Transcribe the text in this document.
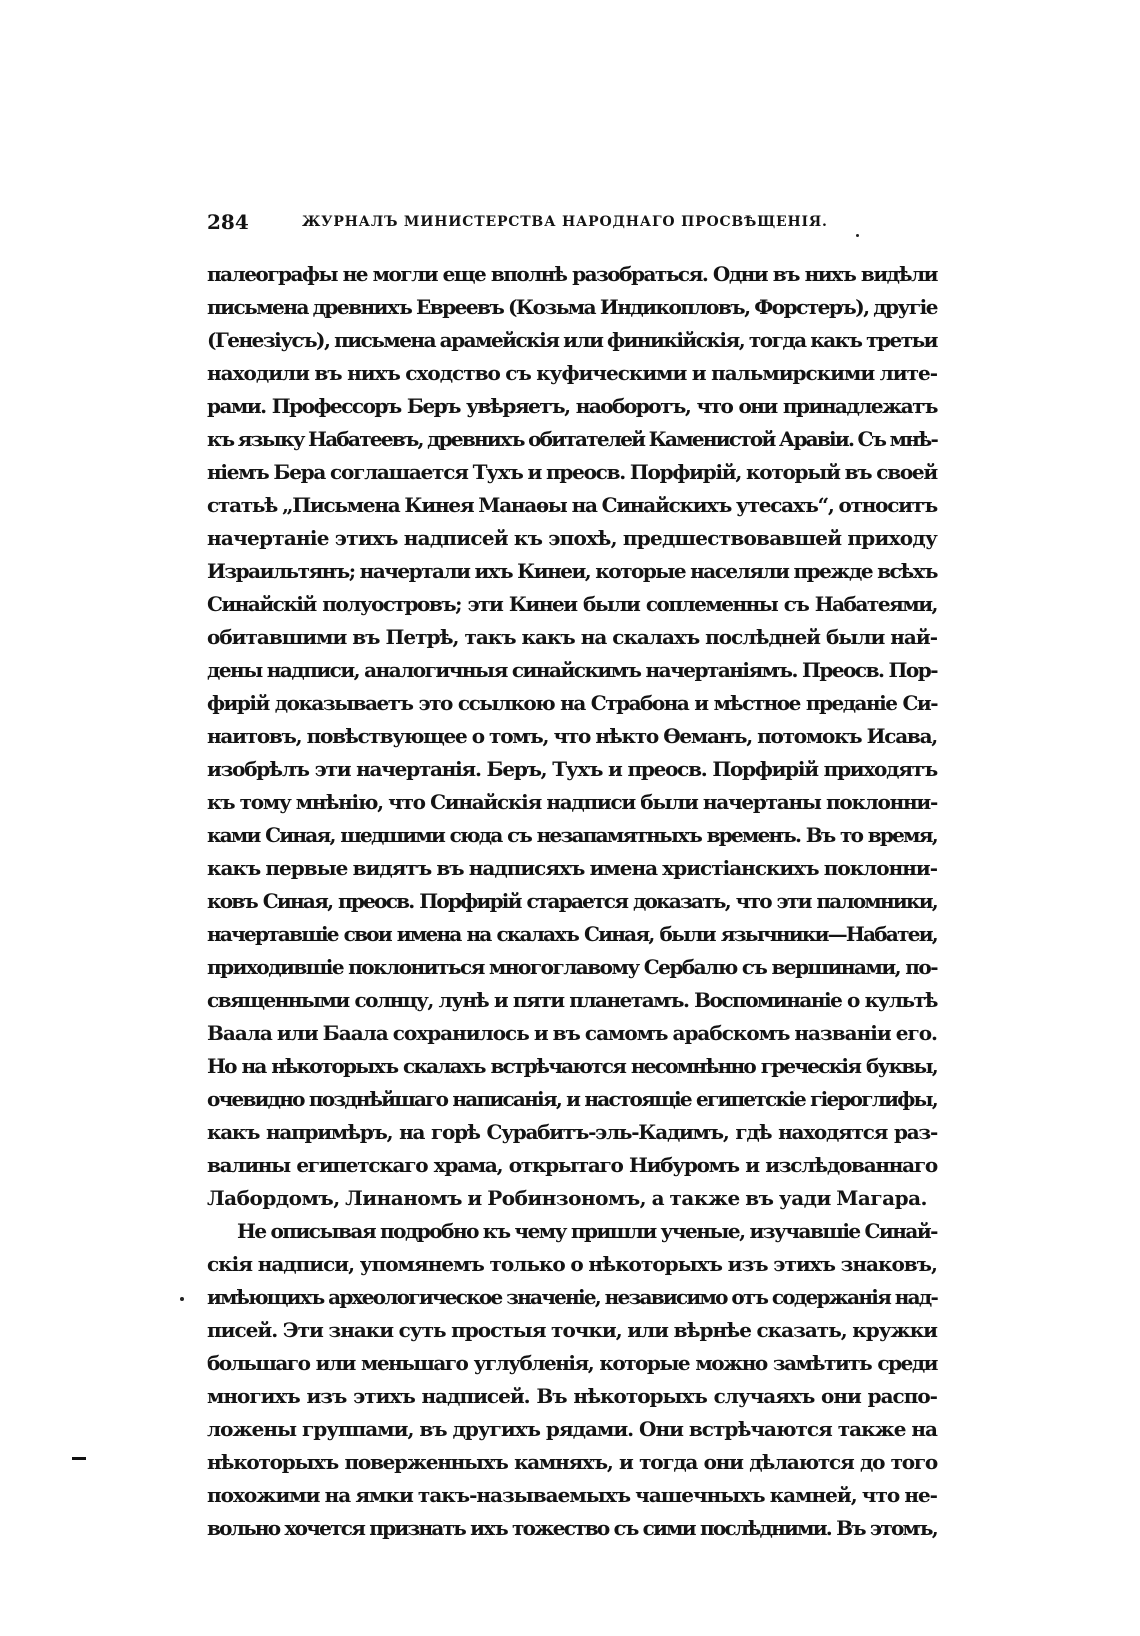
284	ЖУРНАЛЪ МИНИСТЕРСТВА НАРОДНАГО ПРОСВѢЩЕНІЯ.
палеографы не могли еще вполнѣ разобраться. Одни въ нихъ видѣли
письмена древнихъ Евреевъ (Козьма Индикопловъ, Форстеръ), другіе
(Генезіусъ), письмена арамейскія или финикійскія, тогда какъ третьи
находили въ нихъ сходство съ куфическими и пальмирскими литe-
рами. Профессоръ Беръ увѣряетъ, наоборотъ, что они принадлежатъ
къ языку Набатеевъ, древнихъ обитателей Каменистой Аравіи. Съ мнѣ-
ніемъ Бера соглашается Тухъ и преосв. Порфирій, который въ своей
статьѣ „Письмена Кинея Манаѳы на Синайскихъ утесахъ“, относитъ
начертаніе этихъ надписей къ эпохѣ, предшествовавшей приходу
Израильтянъ; начертали ихъ Кинеи, которые населяли прежде всѣхъ
Синайскій полуостровъ; эти Кинеи были соплеменны съ Набатеями,
обитавшими въ Петрѣ, такъ какъ на скалахъ послѣдней были най-
дены надписи, аналогичныя синайскимъ начертаніямъ. Преосв. Пор-
фирій доказываетъ это ссылкою на Страбона и мѣстное преданіе Си-
наитовъ, повѣствующее о томъ, что нѣкто Ѳеманъ, потомокъ Исава,
изобрѣлъ эти начертанія. Беръ, Тухъ и преосв. Порфирій приходятъ
къ тому мнѣнію, что Синайскія надписи были начертаны поклонни-
ками Синая, шедшими сюда съ незапамятныхъ временъ. Въ то время,
какъ первые видятъ въ надписяхъ имена христіанскихъ поклонни-
ковъ Синая, преосв. Порфирій старается доказать, что эти паломники,
начертавшіе свои имена на скалахъ Синая, были язычники—Набатеи,
приходившіе поклониться многоглавому Сербалю съ вершинами, по-
священными солнцу, лунѣ и пяти планетамъ. Воспоминаніе о культѣ
Ваала или Баала сохранилось и въ самомъ арабскомъ названіи его.
Но на нѣкоторыхъ скалахъ встрѣчаются несомнѣнно греческія буквы,
очевидно позднѣйшаго написанія, и настоящіе египетскіе гіероглифы,
какъ напримѣръ, на горѣ Сурабитъ-эль-Кадимъ, гдѣ находятся раз-
валины египетскаго храма, открытаго Нибуромъ и изслѣдованнаго
Лабордомъ, Линаномъ и Робинзономъ, а также въ уади Магара.
Не описывая подробно къ чему пришли ученые, изучавшіе Синай-
скія надписи, упомянемъ только о нѣкоторыхъ изъ этихъ знаковъ,
имѣющихъ археологическое значеніе, независимо отъ содержанія над-
писей. Эти знаки суть простыя точки, или вѣрнѣе сказать, кружки
большаго или меньшаго углубленія, которые можно замѣтить среди
многихъ изъ этихъ надписей. Въ нѣкоторыхъ случаяхъ они распо-
ложены группами, въ другихъ рядами. Они встрѣчаются также на
нѣкоторыхъ поверженныхъ камняхъ, и тогда они дѣлаются до того
похожими на ямки такъ-называемыхъ чашечныхъ камней, что не-
вольно хочется признать ихъ тожество съ сими послѣдними. Въ этомъ,
